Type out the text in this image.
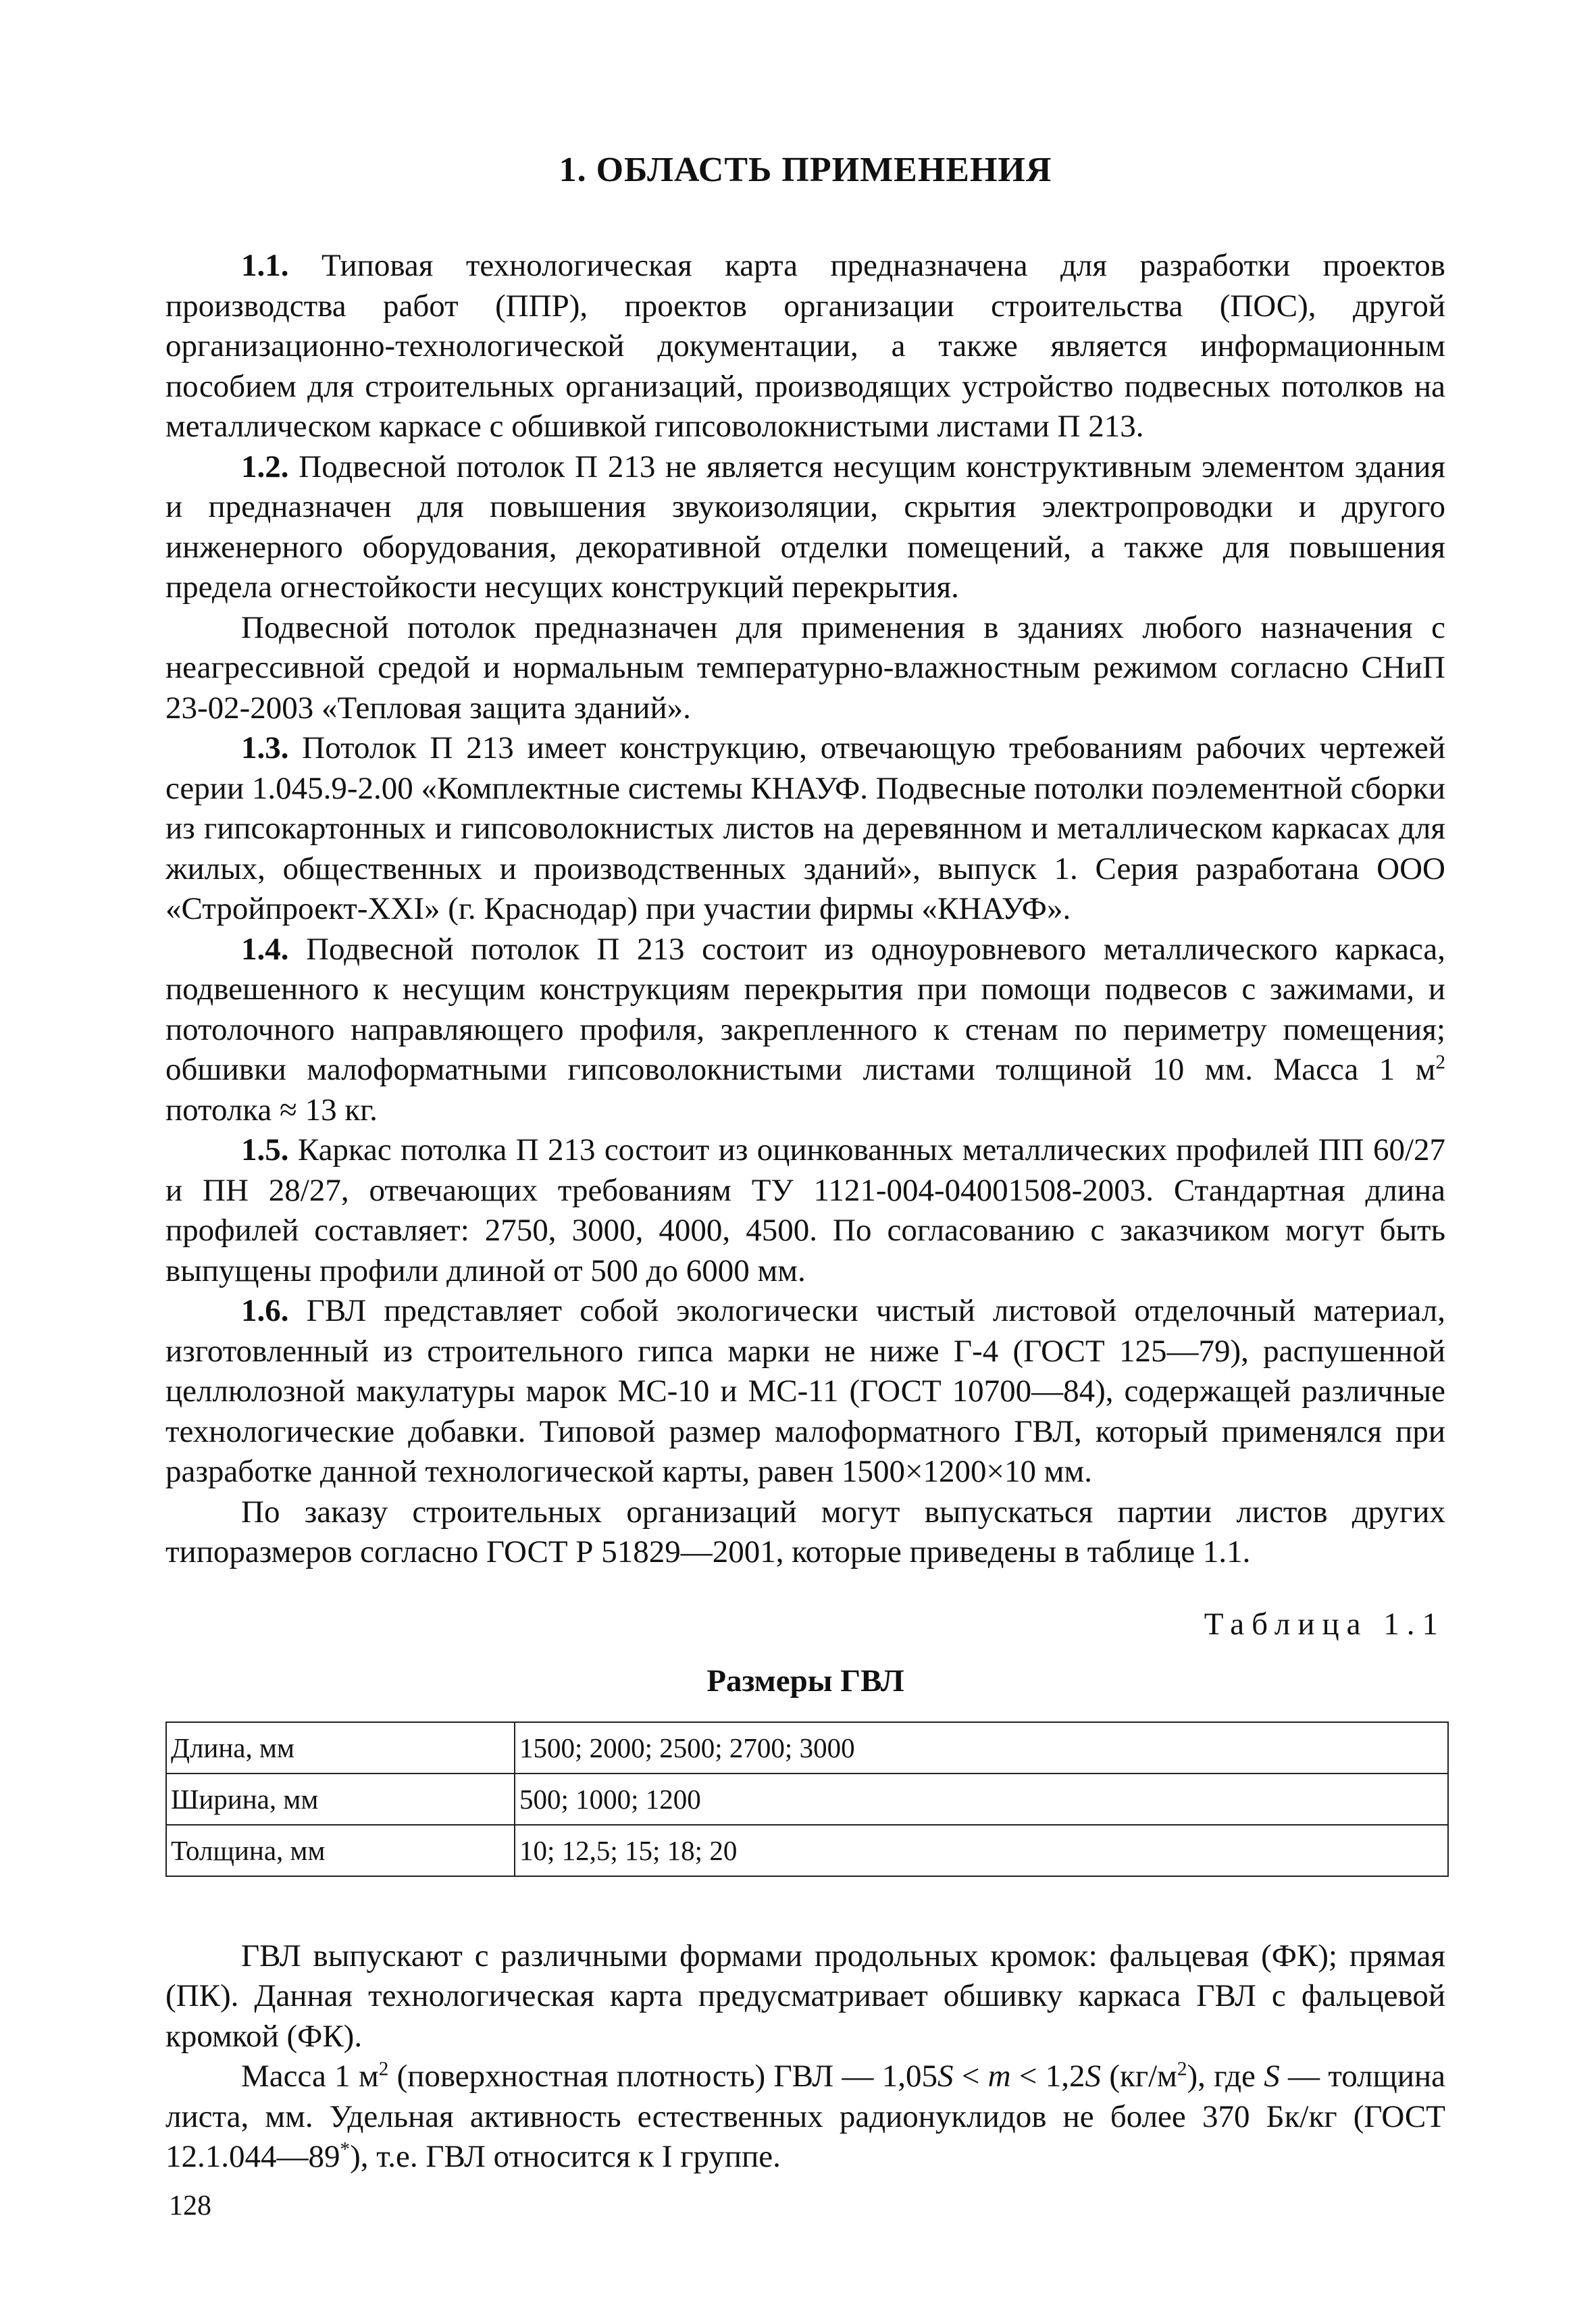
1. ОБЛАСТЬ ПРИМЕНЕНИЯ

1.1. Типовая технологическая карта предназначена для разработки проектов производства работ (ППР), проектов организации строительства (ПОС), другой организационно-технологической документации, а также является информационным пособием для строительных организаций, производящих устройство подвесных потолков на металлическом каркасе с обшивкой гипсоволокнистыми листами П 213.

1.2. Подвесной потолок П 213 не является несущим конструктивным элементом здания и предназначен для повышения звукоизоляции, скрытия электропроводки и другого инженерного оборудования, декоративной отделки помещений, а также для повышения предела огнестойкости несущих конструкций перекрытия.

Подвесной потолок предназначен для применения в зданиях любого назначения с неагрессивной средой и нормальным температурно-влажностным режимом согласно СНиП 23-02-2003 «Тепловая защита зданий».

1.3. Потолок П 213 имеет конструкцию, отвечающую требованиям рабочих чертежей серии 1.045.9-2.00 «Комплектные системы КНАУФ. Подвесные потолки поэлементной сборки из гипсокартонных и гипсоволокнистых листов на деревянном и металлическом каркасах для жилых, общественных и производственных зданий», выпуск 1. Серия разработана ООО «Стройпроект-XXI» (г. Краснодар) при участии фирмы «КНАУФ».

1.4. Подвесной потолок П 213 состоит из одноуровневого металлического каркаса, подвешенного к несущим конструкциям перекрытия при помощи подвесов с зажимами, и потолочного направляющего профиля, закрепленного к стенам по периметру помещения; обшивки малоформатными гипсоволокнистыми листами толщиной 10 мм. Масса 1 $м^2$ потолка ≈ 13 кг.

1.5. Каркас потолка П 213 состоит из оцинкованных металлических профилей ПП 60/27 и ПН 28/27, отвечающих требованиям ТУ 1121-004-04001508-2003. Стандартная длина профилей составляет: 2750, 3000, 4000, 4500. По согласованию с заказчиком могут быть выпущены профили длиной от 500 до 6000 мм.

1.6. ГВЛ представляет собой экологически чистый листовой отделочный материал, изготовленный из строительного гипса марки не ниже Г-4 (ГОСТ 125—79), распушенной целлюлозной макулатуры марок МС-10 и МС-11 (ГОСТ 10700—84), содержащей различные технологические добавки. Типовой размер малоформатного ГВЛ, который применялся при разработке данной технологической карты, равен 1500×1200×10 мм.

По заказу строительных организаций могут выпускаться партии листов других типоразмеров согласно ГОСТ Р 51829—2001, которые приведены в таблице 1.1.

Таблица 1.1
Размеры ГВЛ
Длина, мм	1500; 2000; 2500; 2700; 3000
Ширина, мм	500; 1000; 1200
Толщина, мм	10; 12,5; 15; 18; 20

ГВЛ выпускают с различными формами продольных кромок: фальцевая (ФК); прямая (ПК). Данная технологическая карта предусматривает обшивку каркаса ГВЛ с фальцевой кромкой (ФК).

Масса 1 $м^2$ (поверхностная плотность) ГВЛ — 1,05S < m < 1,2S $(кг/м^2)$, где S — толщина листа, мм. Удельная активность естественных радионуклидов не более 370 Бк/кг (ГОСТ 12.1.044—89*), т.е. ГВЛ относится к I группе.

128
